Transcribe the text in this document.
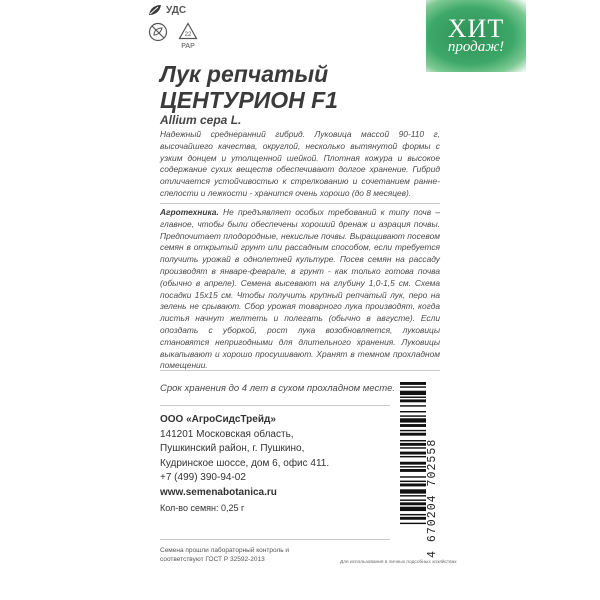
УДС
22
PAP
ХИТ
продаж!
Лук репчатый
ЦЕНТУРИОН F1
Allium cepa L.
Надежный среднеранний гибрид. Луковица массой 90-110 г, высочайшего качества, округлой, несколько вытянутой формы с узким донцем и утолщенной шейкой. Плотная кожура и высокое содержание сухих веществ обеспечивают долгое хранение. Гибрид отличается устойчивостью к стрелкованию и сочетанием раннеспелости и лежкости - хранится очень хорошо (до 8 месяцев).
Агротехника. Не предъявляет особых требований к типу почв – главное, чтобы были обеспечены хороший дренаж и аэрация почвы. Предпочитает плодородные, некислые почвы. Выращивают посевом семян в открытый грунт или рассадным способом, если требуется получить урожай в однолетней культуре. Посев семян на рассаду производят в январе-феврале, в грунт - как только готова почва (обычно в апреле). Семена высевают на глубину 1,0-1,5 см. Схема посадки 15х15 см. Чтобы получить крупный репчатый лук, перо на зелень не срывают. Сбор урожая товарного лука производят, когда листья начнут желтеть и полегать (обычно в августе). Если опоздать с уборкой, рост лука возобновляется, луковицы становятся непригодными для длительного хранения. Луковицы выкапывают и хорошо просушивают. Хранят в темном прохладном помещении.
Срок хранения до 4 лет в сухом прохладном месте.
ООО «АгроСидсТрейд»
141201 Московская область,
Пушкинский район, г. Пушкино,
Кудринское шоссе, дом 6, офис 411.
+7 (499) 390-94-02
www.semenabotanica.ru
Кол-во семян: 0,25 г
Семена прошли лабораторный контроль и соответствуют ГОСТ Р 32592-2013	Для использования в личных подсобных хозяйствах
4 670204 702558
